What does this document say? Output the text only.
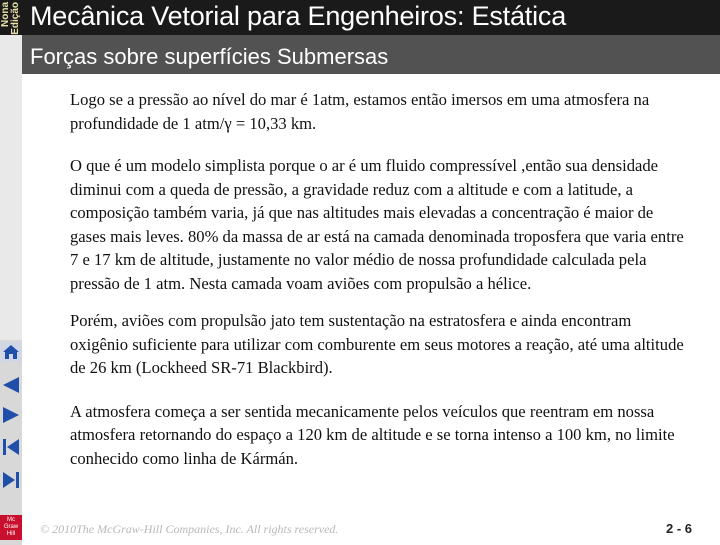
Nona Edição Mecânica Vetorial para Engenheiros: Estática
Forças sobre superfícies Submersas
Mc Graw Hill

Logo se a pressão ao nível do mar é 1atm, estamos então imersos em uma atmosfera na profundidade de 1 atm/γ = 10,33 km.

O que é um modelo simplista porque o ar é um fluido compressível ,então sua densidade diminui com a queda de pressão, a gravidade reduz com a altitude e com a latitude, a composição também varia, já que nas altitudes mais elevadas a concentração é maior de gases mais leves. 80% da massa de ar está na camada denominada troposfera que varia entre 7 e 17 km de altitude, justamente no valor médio de nossa profundidade calculada pela pressão de 1 atm. Nesta camada voam aviões com propulsão a hélice.

Porém, aviões com propulsão jato tem sustentação na estratosfera e ainda encontram oxigênio suficiente para utilizar com comburente em seus motores a reação, até uma altitude de 26 km (Lockheed SR-71 Blackbird).

A atmosfera começa a ser sentida mecanicamente pelos veículos que reentram em nossa atmosfera retornando do espaço a 120 km de altitude e se torna intenso a 100 km, no limite conhecido como linha de Kármán.

© 2010The McGraw-Hill Companies, Inc. All rights reserved.	2 - 6
